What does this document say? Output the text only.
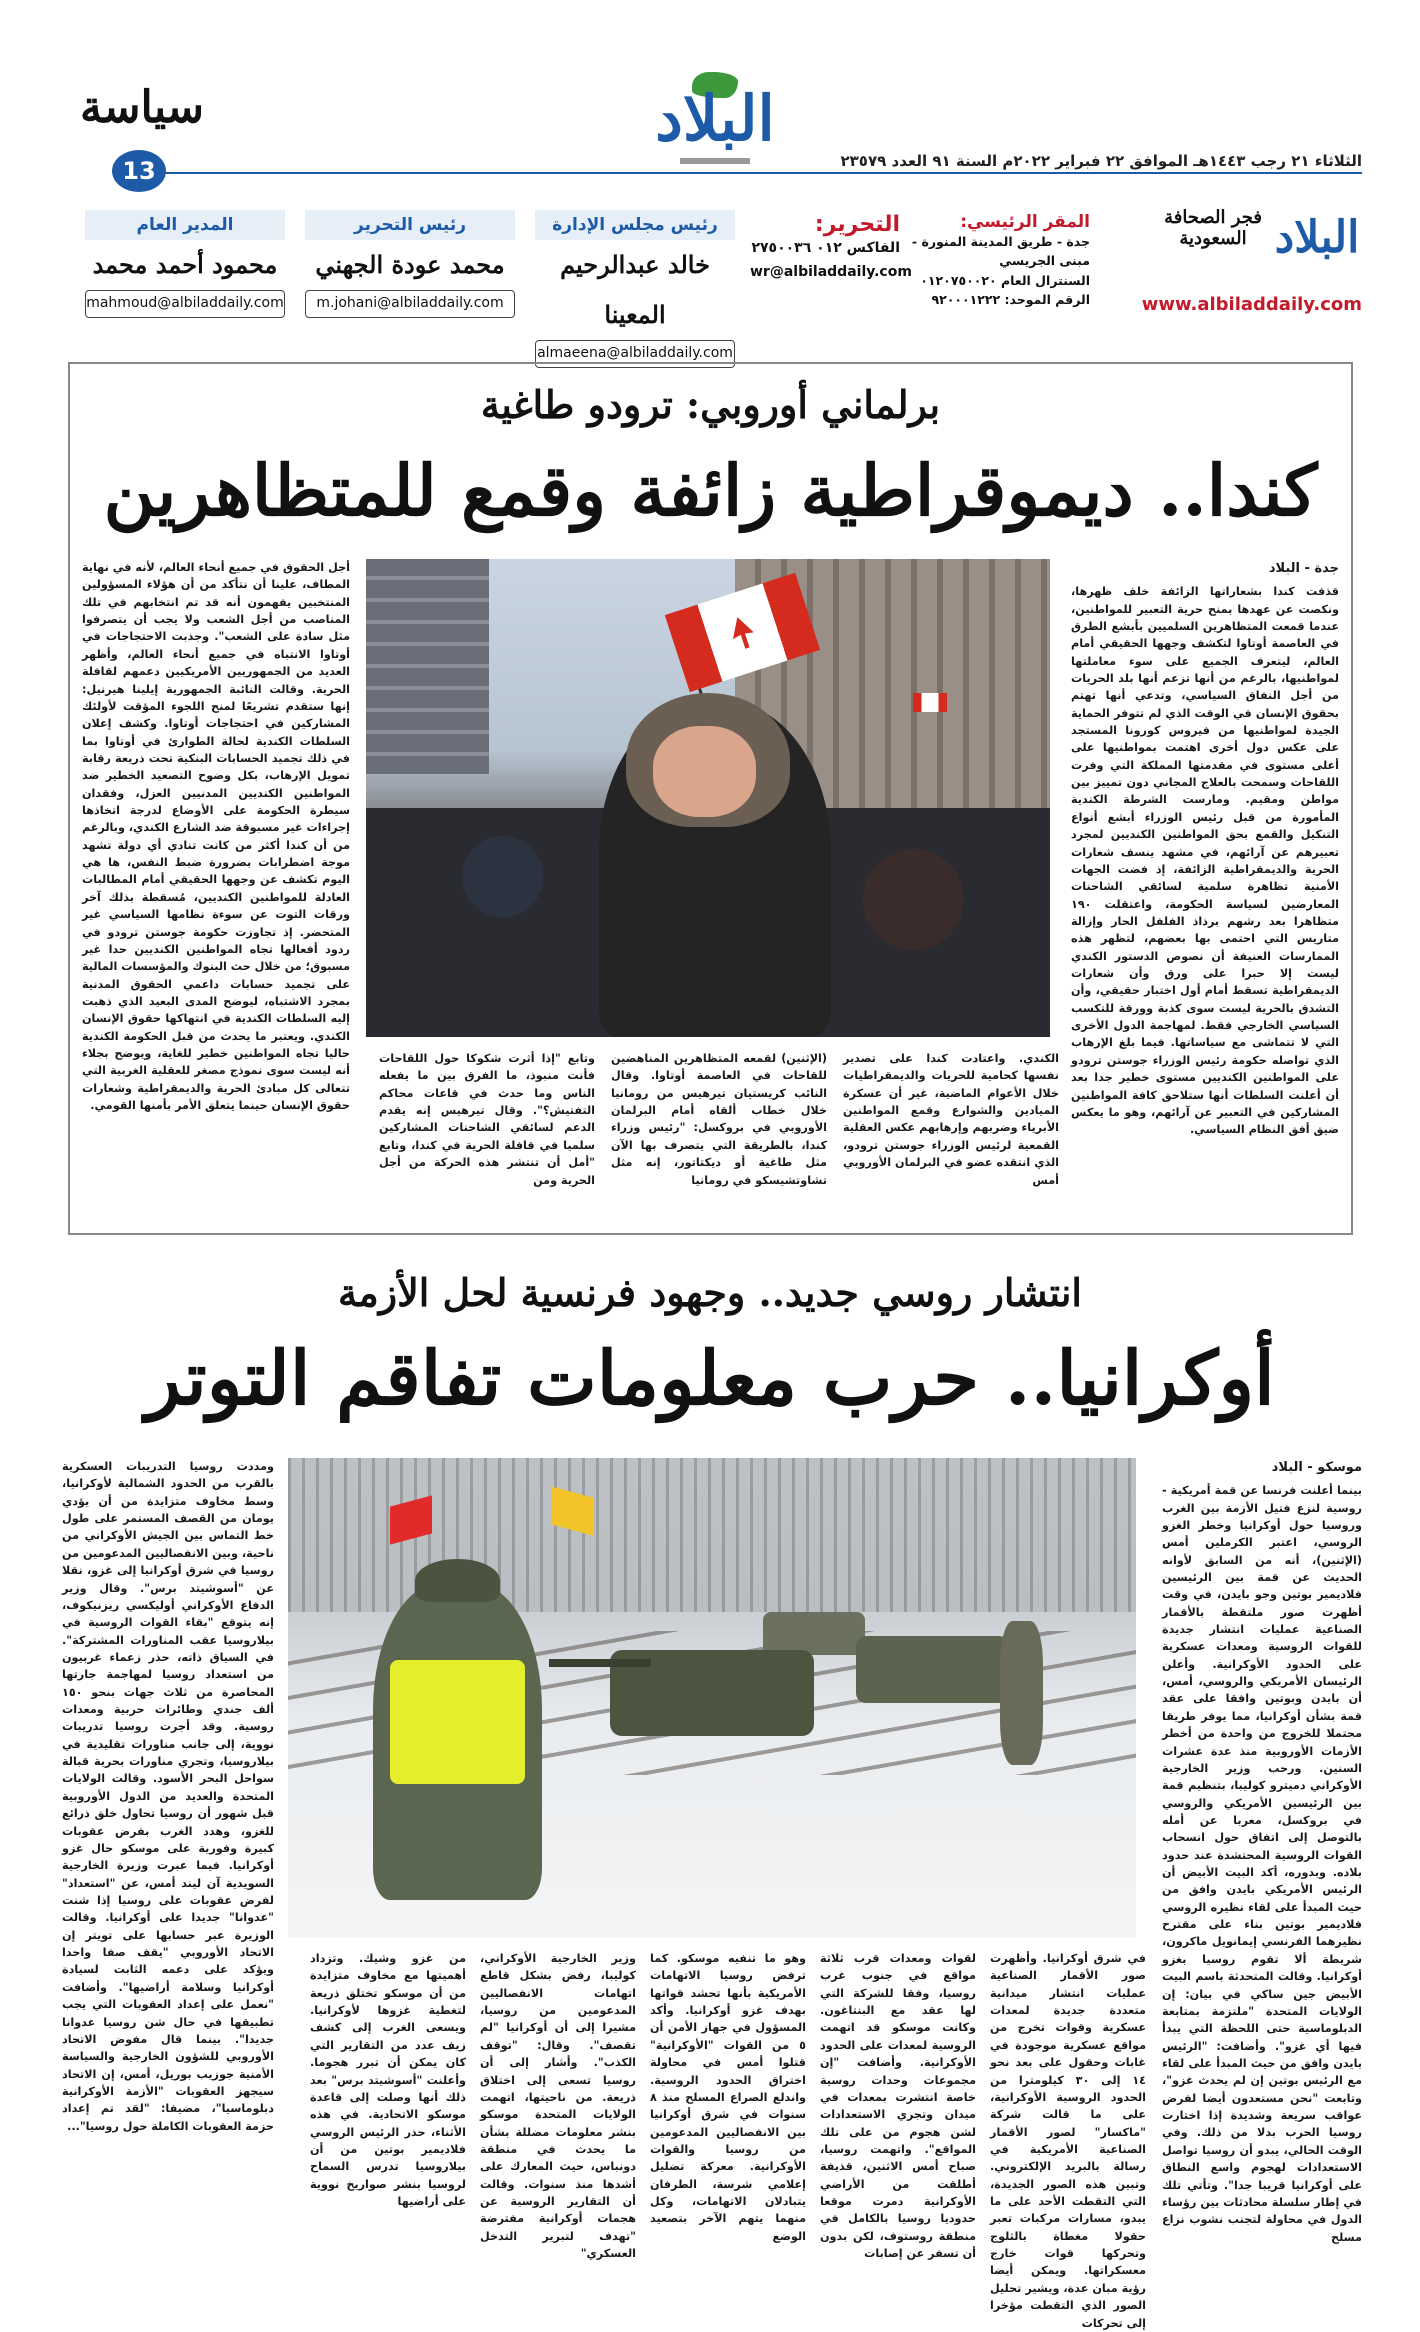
البلاد
الثلاثاء ٢١ رجب ١٤٤٣هـ الموافق ٢٢ فبراير ٢٠٢٢م السنة ٩١ العدد ٢٣٥٧٩
سياسة
13
البلاد
فجر الصحافة السعودية
www.albiladdaily.com
المقر الرئيسي:
جدة - طريق المدينة المنورة - مبنى الجريسي
السنترال العام ٠١٢٠٧٥٠٠٢٠
الرقم الموحد: ٩٢٠٠٠١٢٢٢
التحرير:
الفاكس ٠١٢ ٢٧٥٠٠٣٦
wr@albiladdaily.com
رئيس مجلس الإدارة
خالد عبدالرحيم المعينا
almaeena@albiladdaily.com
رئيس التحرير
محمد عودة الجهني
m.johani@albiladdaily.com
المدير العام
محمود أحمد محمد
mahmoud@albiladdaily.com
برلماني أوروبي: ترودو طاغية
كندا.. ديموقراطية زائفة وقمع للمتظاهرين
جدة - البلاد
قذفت كندا بشعاراتها الزائفة خلف ظهرها، ونكصت عن عهدها بمنح حرية التعبير للمواطنين، عندما قمعت المتظاهرين السلميين بأبشع الطرق في العاصمة أوتاوا لتكشف وجهها الحقيقي أمام العالم، ليتعرف الجميع على سوء معاملتها لمواطنيها، بالرغم من أنها تزعم أنها بلد الحريات من أجل النفاق السياسي، وتدعي أنها تهتم بحقوق الإنسان في الوقت الذي لم تتوفر الحماية الجيدة لمواطنيها من فيروس كورونا المستجد على عكس دول أخرى اهتمت بمواطنيها على أعلى مستوى في مقدمتها المملكة التي وفرت اللقاحات وسمحت بالعلاج المجاني دون تمييز بين مواطن ومقيم. ومارست الشرطة الكندية المأمورة من قبل رئيس الوزراء أبشع أنواع التنكيل والقمع بحق المواطنين الكنديين لمجرد تعبيرهم عن آرائهم، في مشهد ينسف شعارات الحرية والديمقراطية الزائفة، إذ فضت الجهات الأمنية تظاهرة سلمية لسائقي الشاحنات المعارضين لسياسة الحكومة، واعتقلت ١٩٠ متظاهرا بعد رشهم برذاذ الفلفل الحار وإزالة متاريس التي احتمى بها بعضهم، لتظهر هذه الممارسات العنيفة أن نصوص الدستور الكندي ليست إلا حبرا على ورق وأن شعارات الديمقراطية تسقط أمام أول اختبار حقيقي، وأن التشدق بالحرية ليست سوى كذبة وورقة للتكسب السياسي الخارجي فقط. لمهاجمة الدول الأخرى التي لا تتماشى مع سياساتها. فيما بلغ الإرهاب الذي تواصله حكومة رئيس الوزراء جوستن ترودو على المواطنين الكنديين مستوى خطير جدا بعد أن أعلنت السلطات أنها ستلاحق كافة المواطنين المشاركين في التعبير عن آرائهم، وهو ما يعكس ضيق أفق النظام السياسي.
أجل الحقوق في جميع أنحاء العالم، لأنه في نهاية المطاف، علينا أن نتأكد من أن هؤلاء المسؤولين المنتخبين يفهمون أنه قد تم انتخابهم في تلك المناصب من أجل الشعب ولا يجب أن يتصرفوا مثل سادة على الشعب". وجذبت الاحتجاجات في أوتاوا الانتباه في جميع أنحاء العالم، وأظهر العديد من الجمهوريين الأمريكيين دعمهم لقافلة الحرية. وقالت النائبة الجمهورية إيلينا هيرنيل: إنها ستقدم تشريعًا لمنح اللجوء المؤقت لأولئك المشاركين في احتجاجات أوتاوا. وكشف إعلان السلطات الكندية لحالة الطوارئ في أوتاوا بما في ذلك تجميد الحسابات البنكية تحت ذريعة رقابة تمويل الإرهاب، بكل وضوح التصعيد الخطير ضد المواطنين الكنديين المدنيين العزل، وفقدان سيطرة الحكومة على الأوضاع لدرجة اتخاذها إجراءات غير مسبوقة ضد الشارع الكندي، وبالرغم من أن كندا أكثر من كانت تنادي أي دولة تشهد موجة اضطرابات بضرورة ضبط النفس، ها هي اليوم تكشف عن وجهها الحقيقي أمام المطالبات العادلة للمواطنين الكنديين، مُسقطة بذلك آخر ورقات التوت عن سوءة نظامها السياسي غير المتحضر. إذ تجاوزت حكومة جوستن ترودو في ردود أفعالها تجاه المواطنين الكنديين حدا غير مسبوق؛ من خلال حث البنوك والمؤسسات المالية على تجميد حسابات داعمي الحقوق المدنية بمجرد الاشتباه، ليوضح المدى البعيد الذي ذهبت إليه السلطات الكندية في انتهاكها حقوق الإنسان الكندي. ويعتبر ما يحدث من قبل الحكومة الكندية حاليا تجاه المواطنين خطير للغاية، ويوضح بجلاء أنه ليست سوى نموذج مصغر للعقلية الغربية التي تتعالى كل مبادئ الحرية والديمقراطية وشعارات حقوق الإنسان حينما يتعلق الأمر بأمنها القومي.
الكندي. واعتادت كندا على تصدير نفسها كحامية للحريات والديمقراطيات خلال الأعوام الماضية، غير أن عسكرة الميادين والشوارع وقمع المواطنين الأبرياء وضربهم وإرهابهم عكس العقلية القمعية لرئيس الوزراء جوستن ترودو، الذي انتقده عضو في البرلمان الأوروبي أمس
(الإثنين) لقمعه المتظاهرين المناهضين للقاحات في العاصمة أوتاوا. وقال النائب كريستيان تيرهيس من رومانيا خلال خطاب ألقاه أمام البرلمان الأوروبي في بروكسل: "رئيس وزراء كندا، بالطريقة التي يتصرف بها الآن مثل طاغية أو ديكتاتور، إنه مثل تشاوتشيسكو في رومانيا
وتابع "إذا أثرت شكوكا حول اللقاحات فأنت منبوذ، ما الفرق بين ما يفعله الناس وما حدث في قاعات محاكم التفتيش؟". وقال تيرهيس إنه يقدم الدعم لسائقي الشاحنات المشاركين سلميا في قافلة الحرية في كندا، وتابع "أمل أن تنتشر هذه الحركة من أجل الحرية ومن
انتشار روسي جديد.. وجهود فرنسية لحل الأزمة
أوكرانيا.. حرب معلومات تفاقم التوتر
موسكو - البلاد
بينما أعلنت فرنسا عن قمة أمريكية - روسية لنزع فتيل الأزمة بين الغرب وروسيا حول أوكرانيا وخطر الغزو الروسي، اعتبر الكرملين أمس (الإثنين)، أنه من السابق لأوانه الحديث عن قمة بين الرئيسين فلاديمير بوتين وجو بايدن، في وقت أظهرت صور ملتقطة بالأقمار الصناعية عمليات انتشار جديدة للقوات الروسية ومعدات عسكرية على الحدود الأوكرانية. وأعلن الرئيسان الأمريكي والروسي، أمس، أن بايدن وبوتين وافقا على عقد قمة بشأن أوكرانيا، مما يوفر طريقا محتملا للخروج من واحدة من أخطر الأزمات الأوروبية منذ عدة عشرات السنين. ورحب وزير الخارجية الأوكراني دميترو كوليبا، بتنظيم قمة بين الرئيسين الأمريكي والروسي في بروكسل، معربا عن أمله بالتوصل إلى اتفاق حول انسحاب القوات الروسية المحتشدة عند حدود بلاده. وبدوره، أكد البيت الأبيض أن الرئيس الأمريكي بايدن وافق من حيث المبدأ على لقاء نظيره الروسي فلاديمير بوتين بناء على مقترح نظيرهما الفرنسي إيمانويل ماكرون، شريطة ألا تقوم روسيا بغزو أوكرانيا. وقالت المتحدثة باسم البيت الأبيض جين ساكي في بيان: إن الولايات المتحدة "ملتزمة بمتابعة الدبلوماسية حتى اللحظة التي يبدأ فيها أي غزو". وأضافت: "الرئيس بايدن وافق من حيث المبدأ على لقاء مع الرئيس بوتين إن لم يحدث غزو"، وتابعت "نحن مستعدون أيضا لفرض عواقب سريعة وشديدة إذا اختارت روسيا الحرب بدلا من ذلك. وفي الوقت الحالي، يبدو أن روسيا تواصل الاستعدادات لهجوم واسع النطاق على أوكرانيا قريبا جدا". وتأتي تلك في إطار سلسلة محادثات بين رؤساء الدول في محاولة لتجنب نشوب نزاع مسلح
ومددت روسيا التدريبات العسكرية بالقرب من الحدود الشمالية لأوكرانيا، وسط مخاوف متزايدة من أن يؤدي يومان من القصف المستمر على طول خط التماس بين الجيش الأوكراني من ناحية، وبين الانفصاليين المدعومين من روسيا في شرق أوكرانيا إلى غزو، نقلا عن "أسوشيتد برس". وقال وزير الدفاع الأوكراني أوليكسي ريزنيكوف، إنه يتوقع "بقاء القوات الروسية في بيلاروسيا عقب المناورات المشتركة". في السياق ذاته، حذر زعماء غربيون من استعداد روسيا لمهاجمة جارتها المحاصرة من ثلاث جهات بنحو ١٥٠ ألف جندي وطائرات حربية ومعدات روسية. وقد أجرت روسيا تدريبات نووية، إلى جانب مناورات تقليدية في بيلاروسيا، وتجري مناورات بحرية قبالة سواحل البحر الأسود. وقالت الولايات المتحدة والعديد من الدول الأوروبية قبل شهور أن روسيا تحاول خلق ذرائع للغزو، وهدد الغرب بفرض عقوبات كبيرة وفورية على موسكو حال غزو أوكرانيا. فيما عبرت وزيرة الخارجية السويدية آن ليند أمس، عن "استعداد" لفرض عقوبات على روسيا إذا شنت "عدوانا" جديدا على أوكرانيا. وقالت الوزيرة عبر حسابها على تويتر إن الاتحاد الأوروبي "يقف صفا واحدا ويؤكد على دعمه الثابت لسيادة أوكرانيا وسلامة أراضيها". وأضافت "نعمل على إعداد العقوبات التي يجب تطبيقها في حال شن روسيا عدوانا جديدا". بينما قال مفوض الاتحاد الأوروبي للشؤون الخارجية والسياسة الأمنية جوزيب بوريل، أمس، إن الاتحاد سيجهز العقوبات "الأزمة الأوكرانية دبلوماسيا"، مضيفا: "لقد تم إعداد حزمة العقوبات الكاملة حول روسيا"...
في شرق أوكرانيا. وأظهرت صور الأقمار الصناعية عمليات انتشار ميدانية متعددة جديدة لمعدات عسكرية وقوات تخرج من مواقع عسكرية موجودة في غابات وحقول على بعد نحو ١٤ إلى ٣٠ كيلومترا من الحدود الروسية الأوكرانية، على ما قالت شركة "ماكسار" لصور الأقمار الصناعية الأمريكية في رسالة بالبريد الإلكتروني. وتبين هذه الصور الجديدة، التي التقطت الأحد على ما يبدو، مسارات مركبات تعبر حقولا مغطاة بالثلوج وتحركها قوات خارج معسكراتها. ويمكن أيضا رؤية مبان عدة، ويشير تحليل الصور الذي التقطت مؤخرا إلى تحركات
لقوات ومعدات قرب ثلاثة مواقع في جنوب غرب روسيا، وفقا للشركة التي لها عقد مع البنتاغون. وكانت موسكو قد اتهمت الروسية لمعدات على الحدود الأوكرانية. وأضافت "إن مجموعات وحدات روسية خاصة انتشرت بمعدات في ميدان وتجري الاستعدادات لشن هجوم من على تلك المواقع". واتهمت روسيا، صباح أمس الاثنين، قذيفة أطلقت من الأراضي الأوكرانية دمرت موقعا حدوديا روسيا بالكامل في منطقة روستوف، لكن بدون أن تسفر عن إصابات
وهو ما تنفيه موسكو. كما ترفض روسيا الاتهامات الأمريكية بأنها تحشد قواتها بهدف غزو أوكرانيا. وأكد المسؤول في جهاز الأمن أن ٥ من القوات "الأوكرانية" قتلوا أمس في محاولة اختراق الحدود الروسية. واندلع الصراع المسلح منذ ٨ سنوات في شرق أوكرانيا بين الانفصاليين المدعومين من روسيا والقوات الأوكرانية. معركة تضليل إعلامي شرسة، الطرفان يتبادلان الاتهامات، وكل منهما يتهم الآخر بتصعيد الوضع
وزير الخارجية الأوكراني، كوليبا، رفض بشكل قاطع اتهامات الانفصاليين المدعومين من روسيا، مشيرا إلى أن أوكرانيا "لم تقصف". وقال: "توقف الكذب". وأشار إلى أن روسيا تسعى إلى اختلاق ذريعة. من ناحيتها، اتهمت الولايات المتحدة موسكو بنشر معلومات مضللة بشأن ما يحدث في منطقة دونباس، حيث المعارك على أشدها منذ سنوات. وقالت أن التقارير الروسية عن هجمات أوكرانية مفترضة "تهدف لتبرير التدخل العسكري"
من غزو وشيك. وتزداد أهميتها مع مخاوف متزايدة من أن موسكو تختلق ذريعة لتغطية غزوها لأوكرانيا. ويسعى الغرب إلى كشف زيف عدد من التقارير التي كان يمكن أن تبرر هجوما. وأعلنت "أسوشيتد برس" بعد ذلك أنها وصلت إلى قاعدة موسكو الاتحادية. في هذه الأثناء، حذر الرئيس الروسي فلاديمير بوتين من أن بيلاروسيا تدرس السماح لروسيا بنشر صواريخ نووية على أراضيها
